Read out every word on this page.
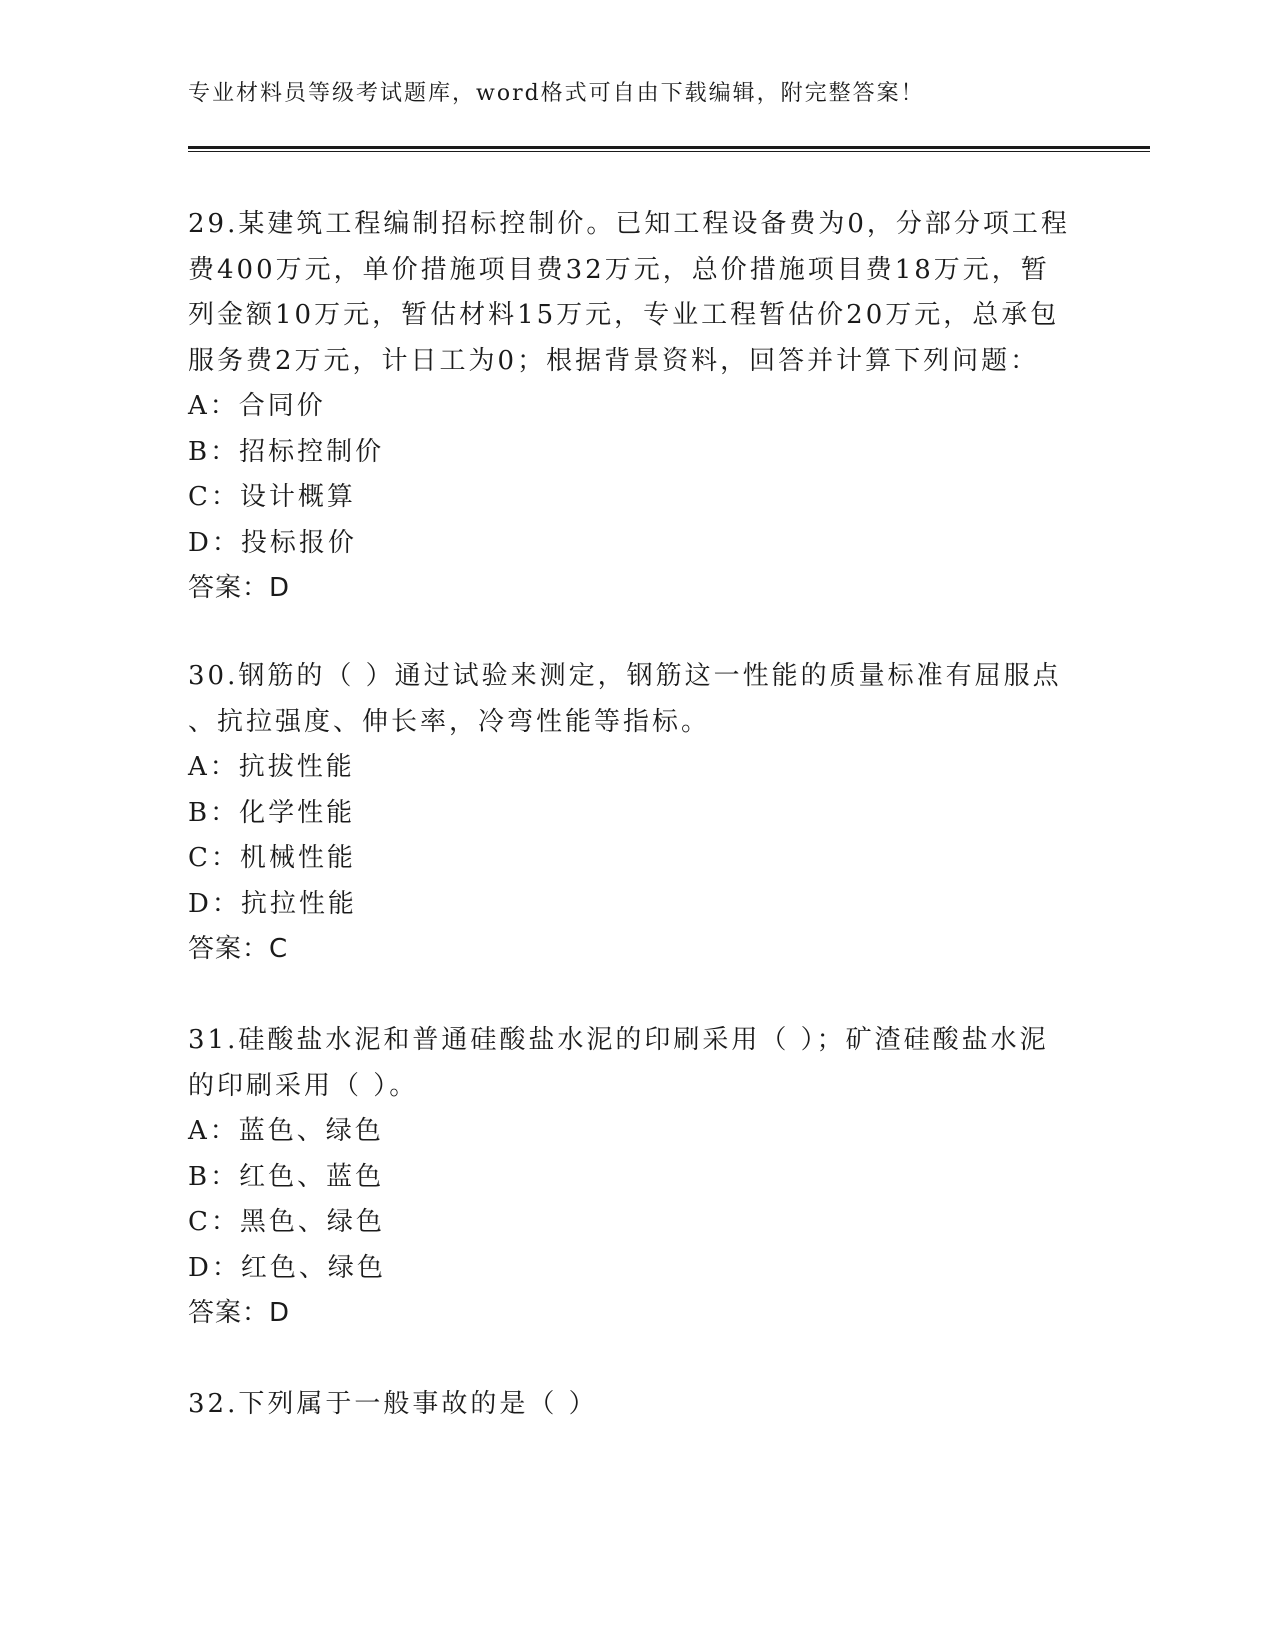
专业材料员等级考试题库，word格式可自由下载编辑，附完整答案！
29.某建筑工程编制招标控制价。已知工程设备费为0，分部分项工程
费400万元，单价措施项目费32万元，总价措施项目费18万元，暂
列金额10万元，暂估材料15万元，专业工程暂估价20万元，总承包
服务费2万元，计日工为0；根据背景资料，回答并计算下列问题：
A：合同价
B：招标控制价
C：设计概算
D：投标报价
答案：D
30.钢筋的（ ）通过试验来测定，钢筋这一性能的质量标准有屈服点
、抗拉强度、伸长率，冷弯性能等指标。
A：抗拔性能
B：化学性能
C：机械性能
D：抗拉性能
答案：C
31.硅酸盐水泥和普通硅酸盐水泥的印刷采用（ ）；矿渣硅酸盐水泥
的印刷采用（ ）。
A：蓝色、绿色
B：红色、蓝色
C：黑色、绿色
D：红色、绿色
答案：D
32.下列属于一般事故的是（ ）
